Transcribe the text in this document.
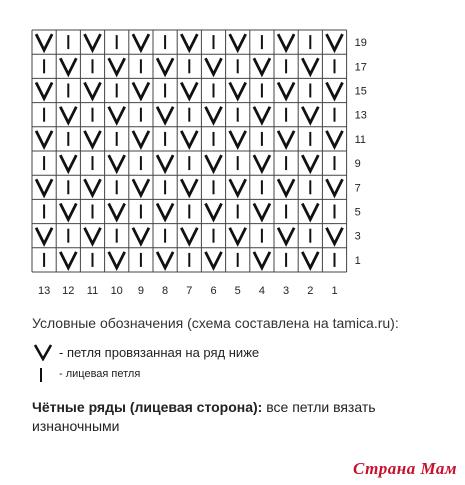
19
17
15
13
11
9
7
5
3
1
13 12 11 10 9 8 7 6 5 4 3 2 1
Условные обозначения (схема составлена на tamica.ru):
- петля провязанная на ряд ниже
- лицевая петля
Чётные ряды (лицевая сторона): все петли вязать изнаночными
Страна Мам
